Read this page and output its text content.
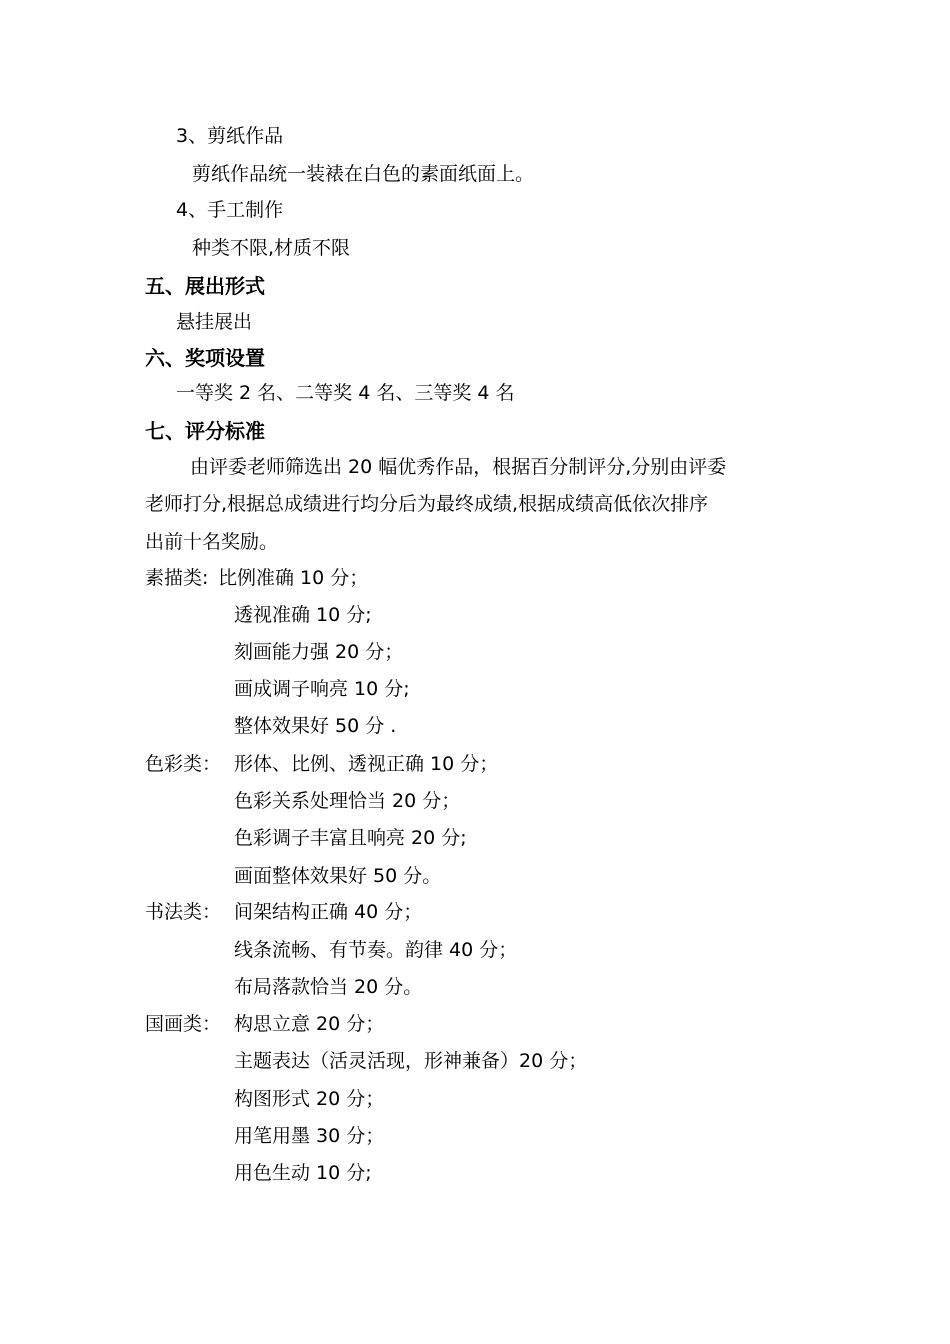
3、剪纸作品
剪纸作品统一装裱在白色的素面纸面上。
4、手工制作
种类不限,材质不限
五、展出形式
悬挂展出
六、奖项设置
一等奖 2 名、二等奖 4 名、三等奖 4 名
七、评分标准
由评委老师筛选出 20 幅优秀作品，根据百分制评分,分别由评委
老师打分,根据总成绩进行均分后为最终成绩,根据成绩高低依次排序
出前十名奖励。
素描类: 比例准确 10 分；
透视准确 10 分;
刻画能力强 20 分；
画成调子响亮 10 分;
整体效果好 50 分 .
色彩类： 形体、比例、透视正确 10 分；
色彩关系处理恰当 20 分；
色彩调子丰富且响亮 20 分;
画面整体效果好 50 分。
书法类： 间架结构正确 40 分；
线条流畅、有节奏。韵律 40 分；
布局落款恰当 20 分。
国画类： 构思立意 20 分；
主题表达（活灵活现，形神兼备）20 分；
构图形式 20 分；
用笔用墨 30 分；
用色生动 10 分;
